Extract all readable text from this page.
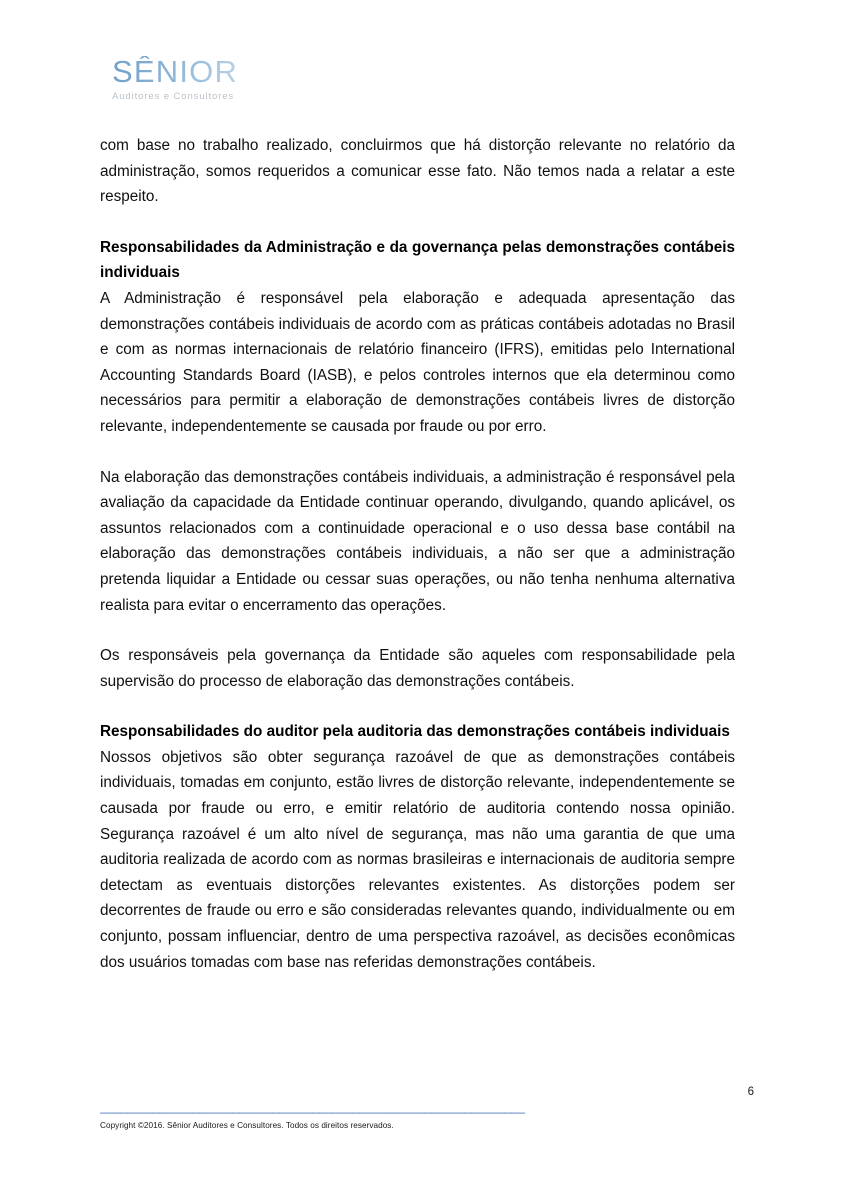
SÊNIOR
Auditores e Consultores

com base no trabalho realizado, concluirmos que há distorção relevante no relatório da administração, somos requeridos a comunicar esse fato. Não temos nada a relatar a este respeito.

Responsabilidades da Administração e da governança pelas demonstrações contábeis individuais

A Administração é responsável pela elaboração e adequada apresentação das demonstrações contábeis individuais de acordo com as práticas contábeis adotadas no Brasil e com as normas internacionais de relatório financeiro (IFRS), emitidas pelo International Accounting Standards Board (IASB), e pelos controles internos que ela determinou como necessários para permitir a elaboração de demonstrações contábeis livres de distorção relevante, independentemente se causada por fraude ou por erro.

Na elaboração das demonstrações contábeis individuais, a administração é responsável pela avaliação da capacidade da Entidade continuar operando, divulgando, quando aplicável, os assuntos relacionados com a continuidade operacional e o uso dessa base contábil na elaboração das demonstrações contábeis individuais, a não ser que a administração pretenda liquidar a Entidade ou cessar suas operações, ou não tenha nenhuma alternativa realista para evitar o encerramento das operações.

Os responsáveis pela governança da Entidade são aqueles com responsabilidade pela supervisão do processo de elaboração das demonstrações contábeis.

Responsabilidades do auditor pela auditoria das demonstrações contábeis individuais

Nossos objetivos são obter segurança razoável de que as demonstrações contábeis individuais, tomadas em conjunto, estão livres de distorção relevante, independentemente se causada por fraude ou erro, e emitir relatório de auditoria contendo nossa opinião. Segurança razoável é um alto nível de segurança, mas não uma garantia de que uma auditoria realizada de acordo com as normas brasileiras e internacionais de auditoria sempre detectam as eventuais distorções relevantes existentes. As distorções podem ser decorrentes de fraude ou erro e são consideradas relevantes quando, individualmente ou em conjunto, possam influenciar, dentro de uma perspectiva razoável, as decisões econômicas dos usuários tomadas com base nas referidas demonstrações contábeis.

6
________________________________________________________________
Copyright ©2016. Sênior Auditores e Consultores. Todos os direitos reservados.
